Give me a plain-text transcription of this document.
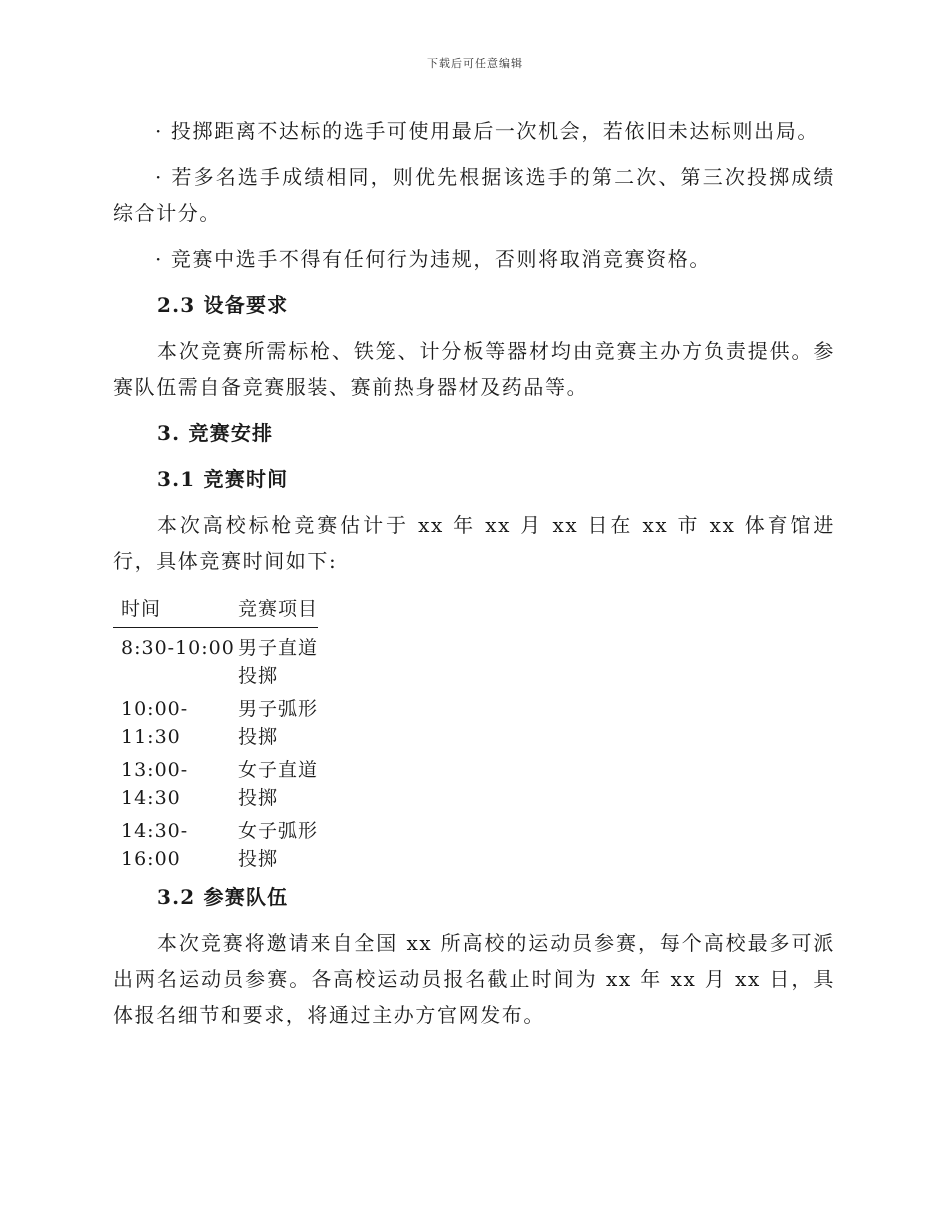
下载后可任意编辑

· 投掷距离不达标的选手可使用最后一次机会，若依旧未达标则出局。

· 若多名选手成绩相同，则优先根据该选手的第二次、第三次投掷成绩综合计分。

· 竞赛中选手不得有任何行为违规，否则将取消竞赛资格。

2.3 设备要求

本次竞赛所需标枪、铁笼、计分板等器材均由竞赛主办方负责提供。参赛队伍需自备竞赛服装、赛前热身器材及药品等。

3. 竞赛安排
3.1 竞赛时间

本次高校标枪竞赛估计于 xx 年 xx 月 xx 日在 xx 市 xx 体育馆进行，具体竞赛时间如下:

时间	竞赛项目
8:30-10:00	男子直道投掷
10:00-11:30	男子弧形投掷
13:00-14:30	女子直道投掷
14:30-16:00	女子弧形投掷
3.2 参赛队伍

本次竞赛将邀请来自全国 xx 所高校的运动员参赛，每个高校最多可派出两名运动员参赛。各高校运动员报名截止时间为 xx 年 xx 月 xx 日，具体报名细节和要求，将通过主办方官网发布。
